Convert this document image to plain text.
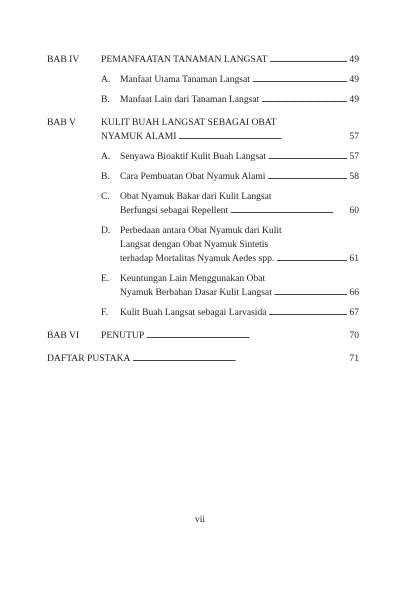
BAB IV	PEMANFAATAN TANAMAN LANGSAT . . .	49
A.	Manfaat Utama Tanaman Langsat . . .	49
B.	Manfaat Lain dari Tanaman Langsat . . .	49
BAB V	KULIT BUAH LANGSAT SEBAGAI OBAT
NYAMUK ALAMI . . .	57
A.	Senyawa Bioaktif Kulit Buah Langsat . . .	57
B.	Cara Pembuatan Obat Nyamuk Alami . . .	58
C.	Obat Nyamuk Bakar dari Kulit Langsat
Berfungsi sebagai Repellent . . .	60
D.	Perbedaan antara Obat Nyamuk dari Kulit
Langsat dengan Obat Nyamuk Sintetis
terhadap Mortalitas Nyamuk Aedes spp. . . .	61
E.	Keuntungan Lain Menggunakan Obat
Nyamuk Berbahan Dasar Kulit Langsat . . .	66
F.	Kulit Buah Langsat sebagai Larvasida . . .	67
BAB VI	PENUTUP . . .	70
DAFTAR PUSTAKA . . .	71
vii
